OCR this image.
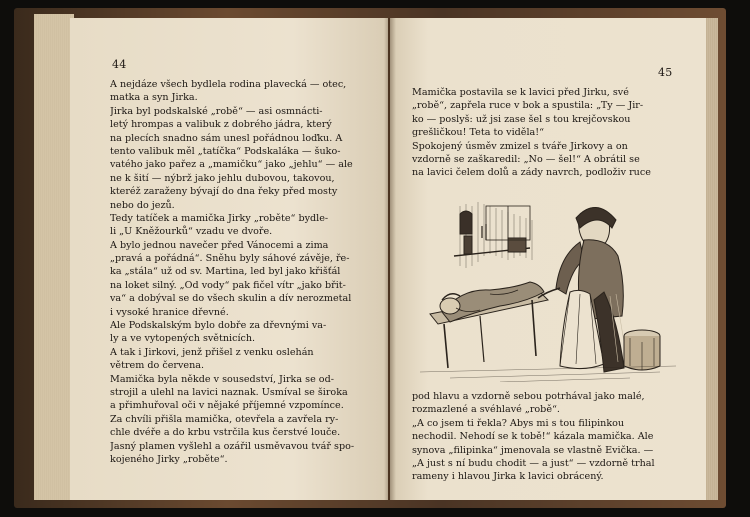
44
A nejdáze všech bydlela rodina plavecká — otec,
matka a syn Jirka.
Jirka byl podskalské „robě“ — asi osmnácti-
letý hrompas a valibuk z dobrého jádra, který
na plecích snadno sám unesl pořádnou loďku. A
tento valibuk měl „tatíčka“ Podskaláka — šuko-
vatého jako pařez a „mamičku“ jako „jehlu“ — ale
ne k šití — nýbrž jako jehlu dubovou, takovou,
kteréž zaraženy bývají do dna řeky před mosty
nebo do jezů.
Tedy tatíček a mamička Jirky „roběte“ bydle-
li „U Kněžourků“ vzadu ve dvoře.
A bylo jednou navečer před Vánocemi a zima
„pravá a pořádná“. Sněhu byly sáhové závěje, ře-
ka „stála“ už od sv. Martina, led byl jako křišťál
na loket silný. „Od vody“ pak fičel vítr „jako břit-
va“ a dobýval se do všech skulin a dív nerozmetal
i vysoké hranice dřevné.
Ale Podskalským bylo dobře za dřevnými va-
ly a ve vytopených světnicích.
A tak i Jirkovi, jenž přišel z venku oslehán
větrem do červena.
Mamička byla někde v sousedství, Jirka se od-
strojil a ulehl na lavici naznak. Usmíval se široka
a přimhuřoval oči v nějaké příjemné vzpomínce.
Za chvíli přišla mamička, otevřela a zavřela ry-
chle dvéře a do krbu vstrčila kus čerstvé louče.
Jasný plamen vyšlehl a ozářil usměvavou tvář spo-
kojeného Jirky „roběte“.
45
Mamička postavila se k lavici před Jirku, své
„robě“, zapřela ruce v bok a spustila: „Ty — Jir-
ko — poslyš: už jsi zase šel s tou krejčovskou
grešličkou! Teta to viděla!“
Spokojený úsměv zmizel s tváře Jirkovy a on
vzdorně se zaškaredil: „No — šel!“ A obrátil se
na lavici čelem dolů a zády navrch, podloživ ruce
pod hlavu a vzdorně sebou potrhával jako malé,
rozmazlené a svéhlavé „robě“.
„A co jsem ti řekla? Abys mi s tou filipinkou
nechodil. Nehodí se k tobě!“ kázala mamička. Ale
synova „filipinka“ jmenovala se vlastně Evička. —
„A just s ní budu chodit — a just“ — vzdorně trhal
rameny i hlavou Jirka k lavici obrácený.
